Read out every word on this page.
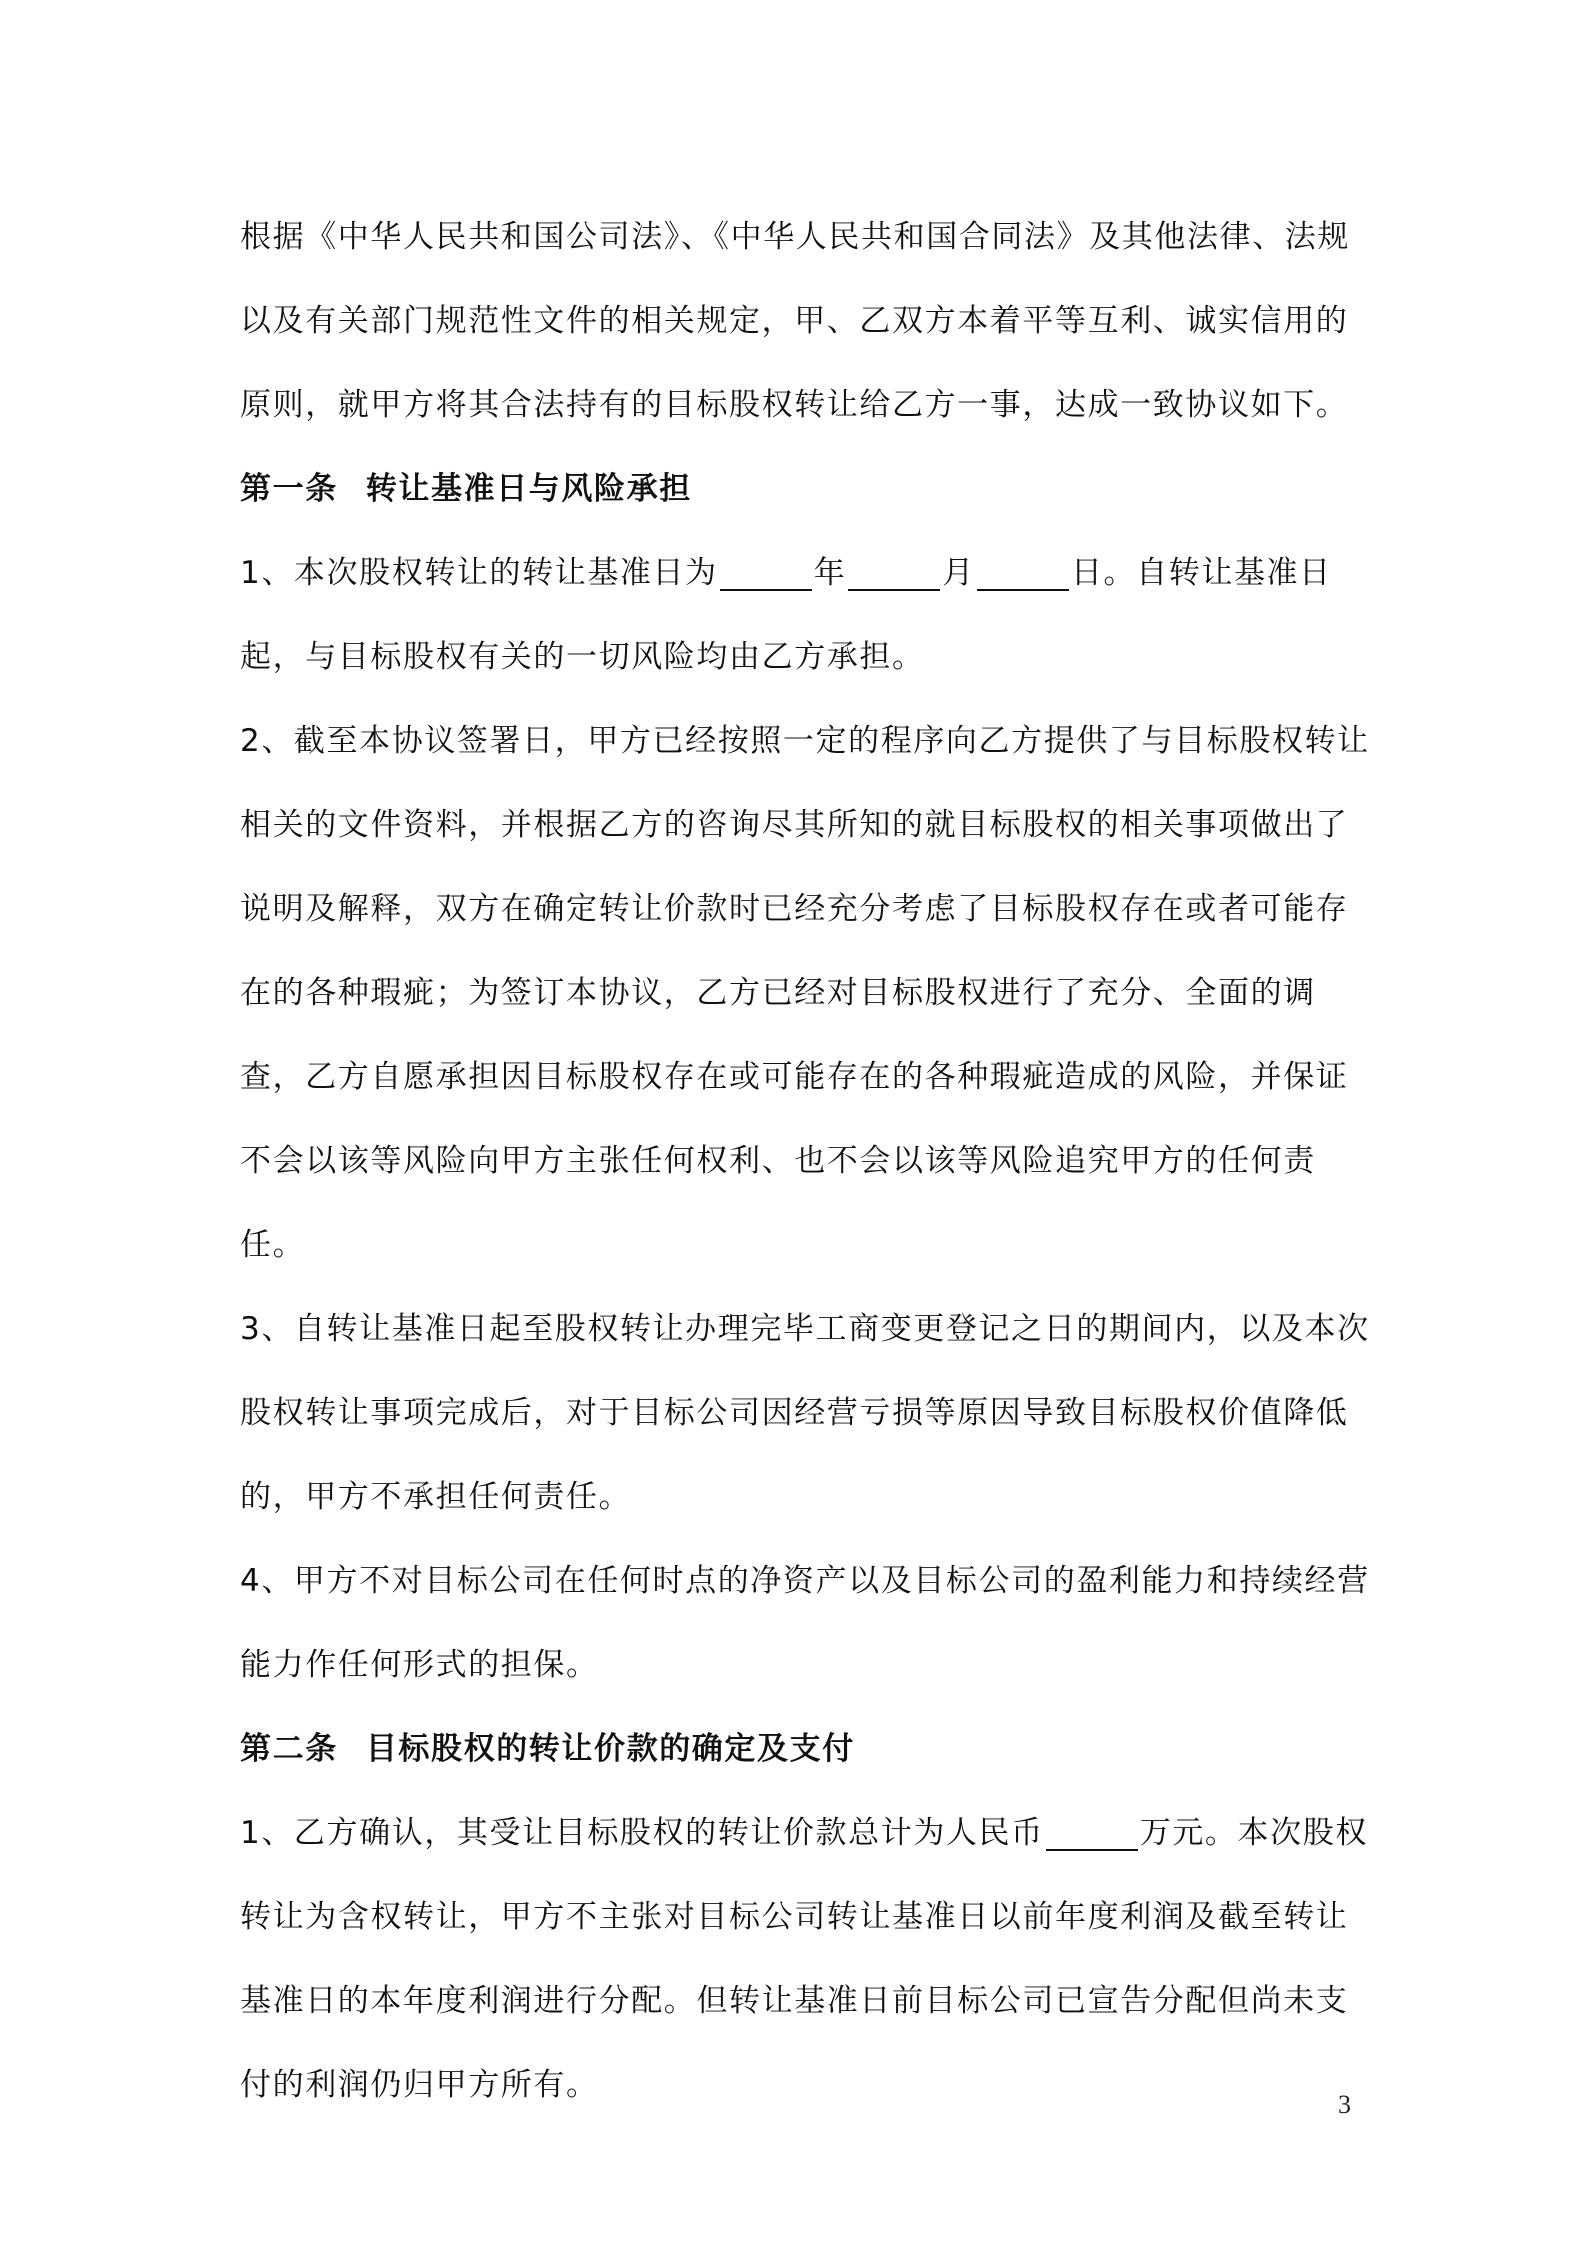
根据《中华人民共和国公司法》、《中华人民共和国合同法》及其他法律、法规以及有关部门规范性文件的相关规定，甲、乙双方本着平等互利、诚实信用的原则，就甲方将其合法持有的目标股权转让给乙方一事，达成一致协议如下。

第一条 转让基准日与风险承担

1、本次股权转让的转让基准日为	年	月	日。自转让基准日起，与目标股权有关的一切风险均由乙方承担。

2、截至本协议签署日，甲方已经按照一定的程序向乙方提供了与目标股权转让相关的文件资料，并根据乙方的咨询尽其所知的就目标股权的相关事项做出了说明及解释，双方在确定转让价款时已经充分考虑了目标股权存在或者可能存在的各种瑕疵；为签订本协议，乙方已经对目标股权进行了充分、全面的调查，乙方自愿承担因目标股权存在或可能存在的各种瑕疵造成的风险，并保证不会以该等风险向甲方主张任何权利、也不会以该等风险追究甲方的任何责任。

3、自转让基准日起至股权转让办理完毕工商变更登记之日的期间内，以及本次股权转让事项完成后，对于目标公司因经营亏损等原因导致目标股权价值降低的，甲方不承担任何责任。

4、甲方不对目标公司在任何时点的净资产以及目标公司的盈利能力和持续经营能力作任何形式的担保。

第二条 目标股权的转让价款的确定及支付

1、乙方确认，其受让目标股权的转让价款总计为人民币	万元。本次股权转让为含权转让，甲方不主张对目标公司转让基准日以前年度利润及截至转让基准日的本年度利润进行分配。但转让基准日前目标公司已宣告分配但尚未支付的利润仍归甲方所有。

3
